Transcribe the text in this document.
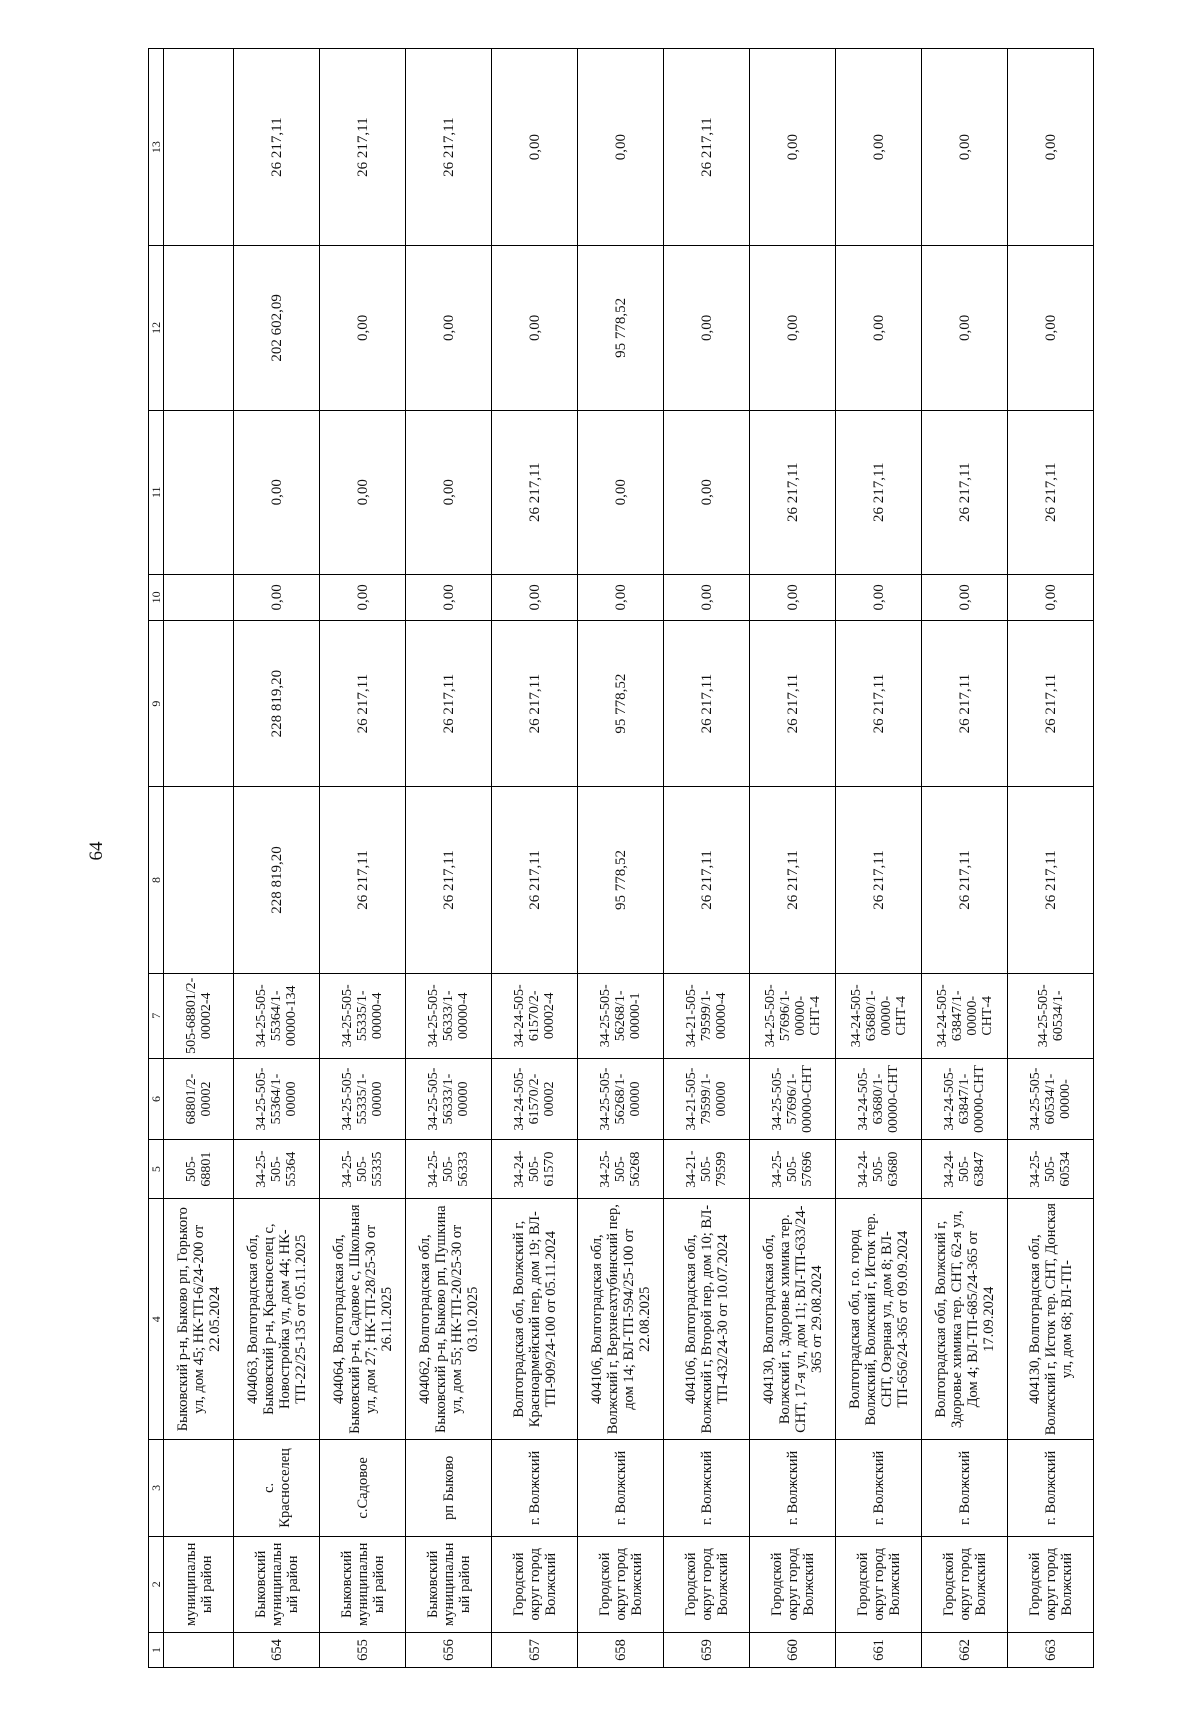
64
1	2	3	4	5	6	7	8	9	10	11	12	13
	муниципальный район		Быковский р-н, Быково рп, Горького ул, дом 45; НК-ТП-6/24-200 от 22.05.2024	505-68801	68801/2-00002	505-68801/2-00002-4						
654	Быковский муниципальный район	с. Красноселец	404063, Волгоградская обл, Быковский р-н, Красноселец с, Новостройка ул, дом 44; НК-ТП-22/25-135 от 05.11.2025	34-25-505-55364	34-25-505-55364/1-00000	34-25-505-55364/1-00000-134	228 819,20	228 819,20	0,00	0,00	202 602,09	26 217,11
655	Быковский муниципальный район	с.Садовое	404064, Волгоградская обл, Быковский р-н, Садовое с, Школьная ул, дом 27; НК-ТП-28/25-30 от 26.11.2025	34-25-505-55335	34-25-505-55335/1-00000	34-25-505-55335/1-00000-4	26 217,11	26 217,11	0,00	0,00	0,00	26 217,11
656	Быковский муниципальный район	рп Быково	404062, Волгоградская обл, Быковский р-н, Быково рп, Пушкина ул, дом 55; НК-ТП-20/25-30 от 03.10.2025	34-25-505-56333	34-25-505-56333/1-00000	34-25-505-56333/1-00000-4	26 217,11	26 217,11	0,00	0,00	0,00	26 217,11
657	Городской округ город Волжский	г. Волжский	Волгоградская обл, Волжский г, Красноармейский пер, дом 19; ВЛ-ТП-909/24-100 от 05.11.2024	34-24-505-61570	34-24-505-61570/2-00002	34-24-505-61570/2-00002-4	26 217,11	26 217,11	0,00	26 217,11	0,00	0,00
658	Городской округ город Волжский	г. Волжский	404106, Волгоградская обл, Волжский г, Верхнеахтубинский пер, дом 14; ВЛ-ТП-594/25-100 от 22.08.2025	34-25-505-56268	34-25-505-56268/1-00000	34-25-505-56268/1-00000-1	95 778,52	95 778,52	0,00	0,00	95 778,52	0,00
659	Городской округ город Волжский	г. Волжский	404106, Волгоградская обл, Волжский г, Второй пер, дом 10; ВЛ-ТП-432/24-30 от 10.07.2024	34-21-505-79599	34-21-505-79599/1-00000	34-21-505-79599/1-00000-4	26 217,11	26 217,11	0,00	0,00	0,00	26 217,11
660	Городской округ город Волжский	г. Волжский	404130, Волгоградская обл, Волжский г, Здоровье химика тер. СНТ, 17-я ул, дом 11; ВЛ-ТП-633/24-365 от 29.08.2024	34-25-505-57696	34-25-505-57696/1-00000-СНТ	34-25-505-57696/1-00000-СНТ-4	26 217,11	26 217,11	0,00	26 217,11	0,00	0,00
661	Городской округ город Волжский	г. Волжский	Волгоградская обл, г.о. город Волжский, Волжский г, Исток тер. СНТ, Озерная ул, дом 8; ВЛ-ТП-656/24-365 от 09.09.2024	34-24-505-63680	34-24-505-63680/1-00000-СНТ	34-24-505-63680/1-00000-СНТ-4	26 217,11	26 217,11	0,00	26 217,11	0,00	0,00
662	Городской округ город Волжский	г. Волжский	Волгоградская обл, Волжский г, Здоровье химика тер. СНТ, 62-я ул, Дом 4; ВЛ-ТП-685/24-365 от 17.09.2024	34-24-505-63847	34-24-505-63847/1-00000-СНТ	34-24-505-63847/1-00000-СНТ-4	26 217,11	26 217,11	0,00	26 217,11	0,00	0,00
663	Городской округ город Волжский	г. Волжский	404130, Волгоградская обл, Волжский г, Исток тер. СНТ, Донская ул, дом 68; ВЛ-ТП-	34-25-505-60534	34-25-505-60534/1-00000-	34-25-505-60534/1-	26 217,11	26 217,11	0,00	26 217,11	0,00	0,00
